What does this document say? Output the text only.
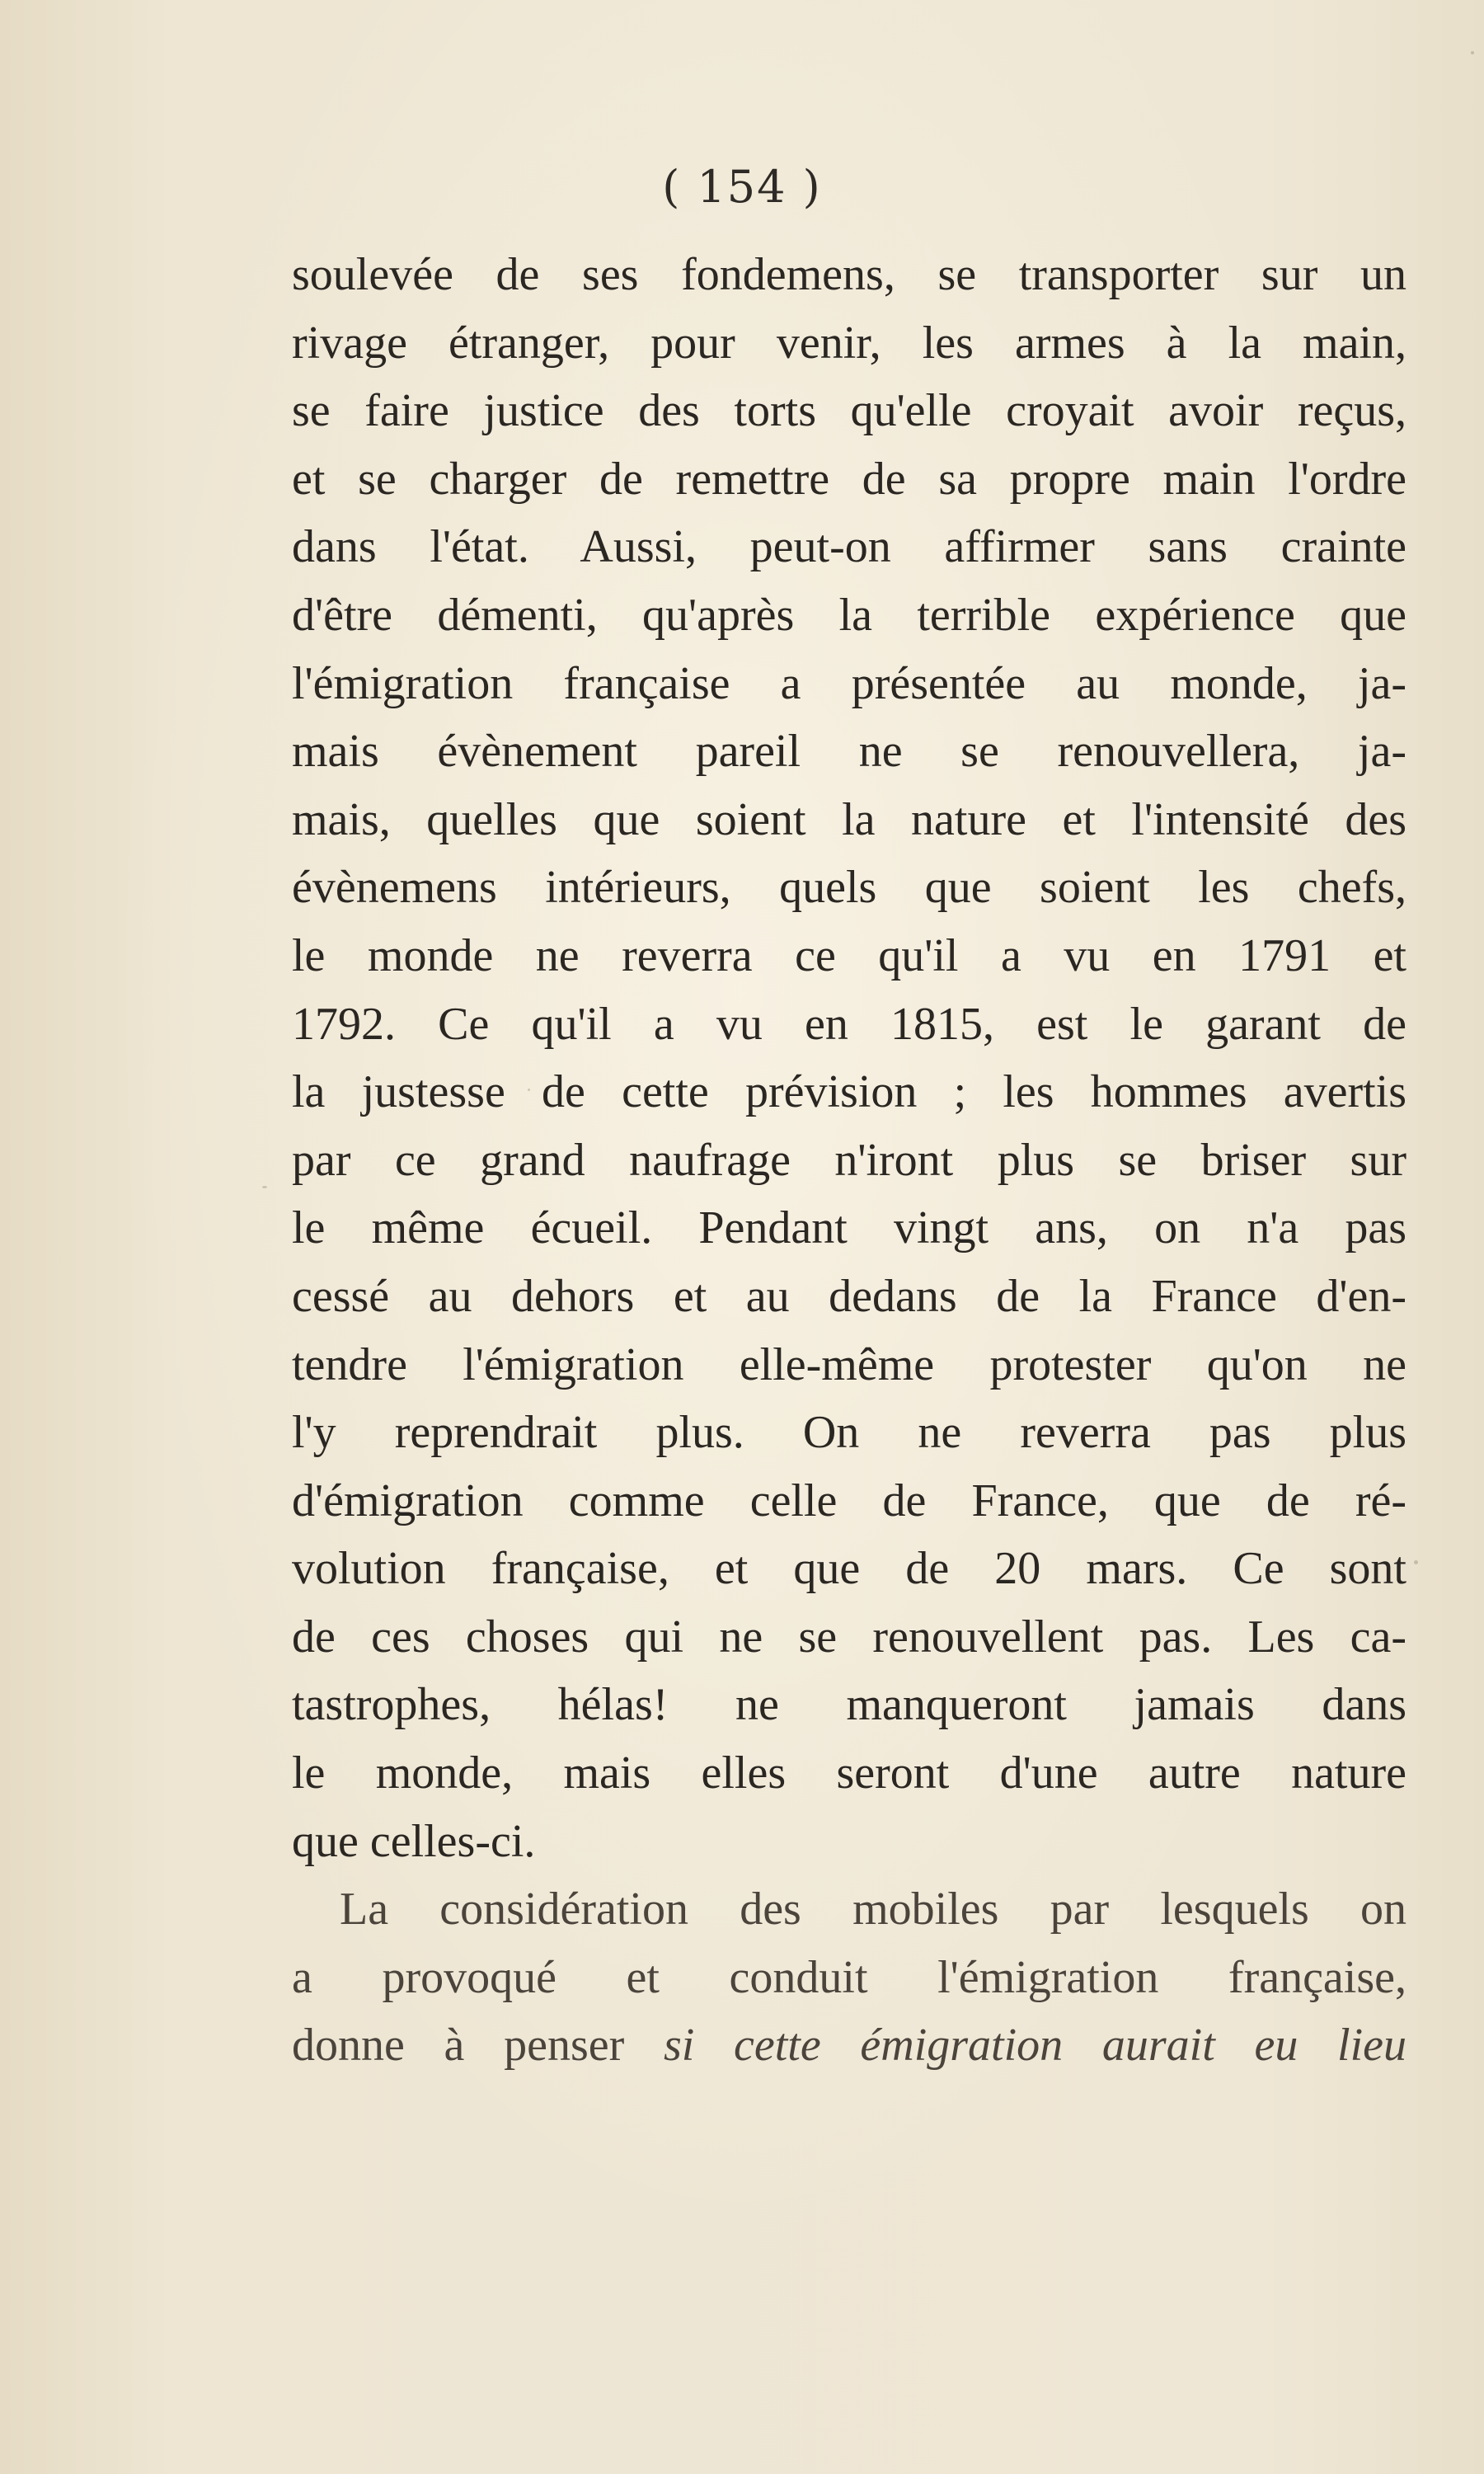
( 154 )
soulevée de ses fondemens, se transporter sur un
rivage étranger, pour venir, les armes à la main,
se faire justice des torts qu'elle croyait avoir reçus,
et se charger de remettre de sa propre main l'ordre
dans l'état. Aussi, peut-on affirmer sans crainte
d'être démenti, qu'après la terrible expérience que
l'émigration française a présentée au monde, ja-
mais évènement pareil ne se renouvellera, ja-
mais, quelles que soient la nature et l'intensité des
évènemens intérieurs, quels que soient les chefs,
le monde ne reverra ce qu'il a vu en 1791 et
1792. Ce qu'il a vu en 1815, est le garant de
la justesse de cette prévision ; les hommes avertis
par ce grand naufrage n'iront plus se briser sur
le même écueil. Pendant vingt ans, on n'a pas
cessé au dehors et au dedans de la France d'en-
tendre l'émigration elle-même protester qu'on ne
l'y reprendrait plus. On ne reverra pas plus
d'émigration comme celle de France, que de ré-
volution française, et que de 20 mars. Ce sont
de ces choses qui ne se renouvellent pas. Les ca-
tastrophes, hélas! ne manqueront jamais dans
le monde, mais elles seront d'une autre nature
que celles-ci.
La considération des mobiles par lesquels on
a provoqué et conduit l'émigration française,
donne à penser si cette émigration aurait eu lieu
